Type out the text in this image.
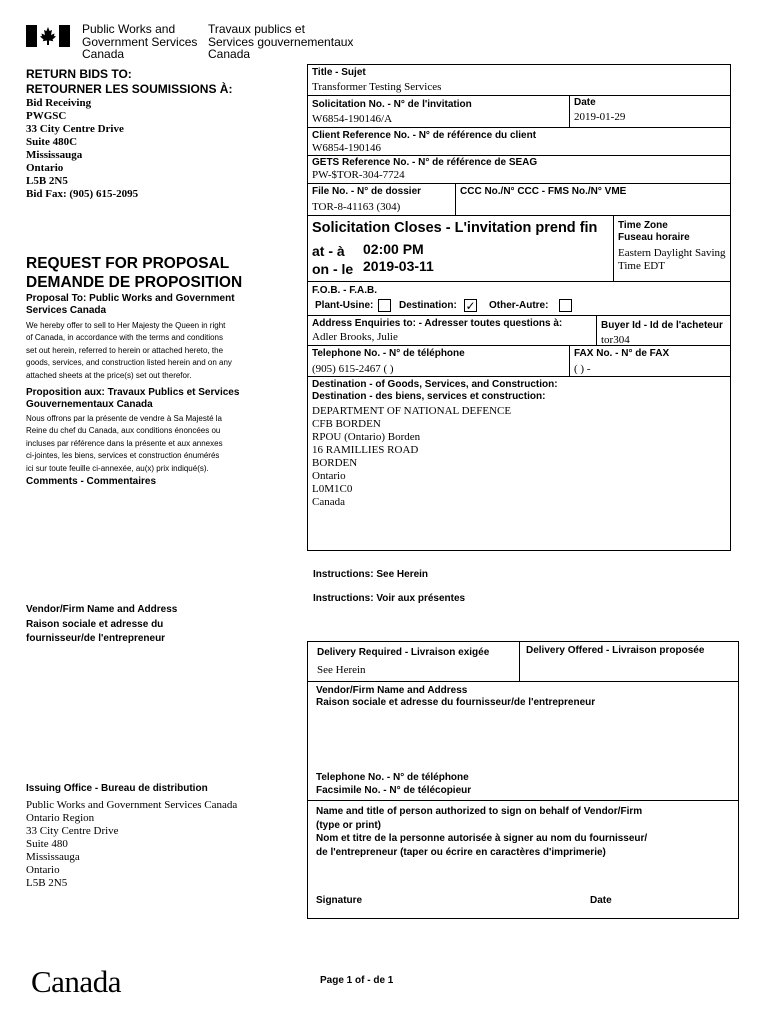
Public Works and
Government Services
Canada
Travaux publics et
Services gouvernementaux
Canada
RETURN BIDS TO:
RETOURNER LES SOUMISSIONS À:
Bid Receiving
PWGSC
33 City Centre Drive
Suite 480C
Mississauga
Ontario
L5B 2N5
Bid Fax: (905) 615-2095
REQUEST FOR PROPOSAL
DEMANDE DE PROPOSITION
Proposal To: Public Works and Government
Services Canada
We hereby offer to sell to Her Majesty the Queen in right
of Canada, in accordance with the terms and conditions
set out herein, referred to herein or attached hereto, the
goods, services, and construction listed herein and on any
attached sheets at the price(s) set out therefor.
Proposition aux: Travaux Publics et Services
Gouvernementaux Canada
Nous offrons par la présente de vendre à Sa Majesté la
Reine du chef du Canada, aux conditions énoncées ou
incluses par référence dans la présente et aux annexes
ci-jointes, les biens, services et construction énumérés
ici sur toute feuille ci-annexée, au(x) prix indiqué(s).
Comments - Commentaires
Vendor/Firm Name and Address
Raison sociale et adresse du
fournisseur/de l'entrepreneur
Issuing Office - Bureau de distribution
Public Works and Government Services Canada
Ontario Region
33 City Centre Drive
Suite 480
Mississauga
Ontario
L5B 2N5
Canada
Title - Sujet
Transformer Testing Services
Solicitation No. - N° de l'invitation
W6854-190146/A
Date
2019-01-29
Client Reference No. - N° de référence du client
W6854-190146
GETS Reference No. - N° de référence de SEAG
PW-$TOR-304-7724
File No. - N° de dossier
TOR-8-41163 (304)
CCC No./N° CCC - FMS No./N° VME
Solicitation Closes - L'invitation prend fin
at - à 02:00 PM
on - le 2019-03-11
Time Zone
Fuseau horaire
Eastern Daylight Saving
Time EDT
F.O.B. - F.A.B.
Plant-Usine:	Destination: ✓ Other-Autre:
Address Enquiries to: - Adresser toutes questions à:
Adler Brooks, Julie
Buyer Id - Id de l'acheteur
tor304
Telephone No. - N° de téléphone
(905) 615-2467 ( )
FAX No. - N° de FAX
( ) -
Destination - of Goods, Services, and Construction:
Destination - des biens, services et construction:
DEPARTMENT OF NATIONAL DEFENCE
CFB BORDEN
RPOU (Ontario) Borden
16 RAMILLIES ROAD
BORDEN
Ontario
L0M1C0
Canada
Instructions: See Herein
Instructions: Voir aux présentes
Delivery Required - Livraison exigée
See Herein
Delivery Offered - Livraison proposée
Vendor/Firm Name and Address
Raison sociale et adresse du fournisseur/de l'entrepreneur
Telephone No. - N° de téléphone
Facsimile No. - N° de télécopieur
Name and title of person authorized to sign on behalf of Vendor/Firm
(type or print)
Nom et titre de la personne autorisée à signer au nom du fournisseur/
de l'entrepreneur (taper ou écrire en caractères d'imprimerie)
Signature	Date
Page 1 of - de 1
